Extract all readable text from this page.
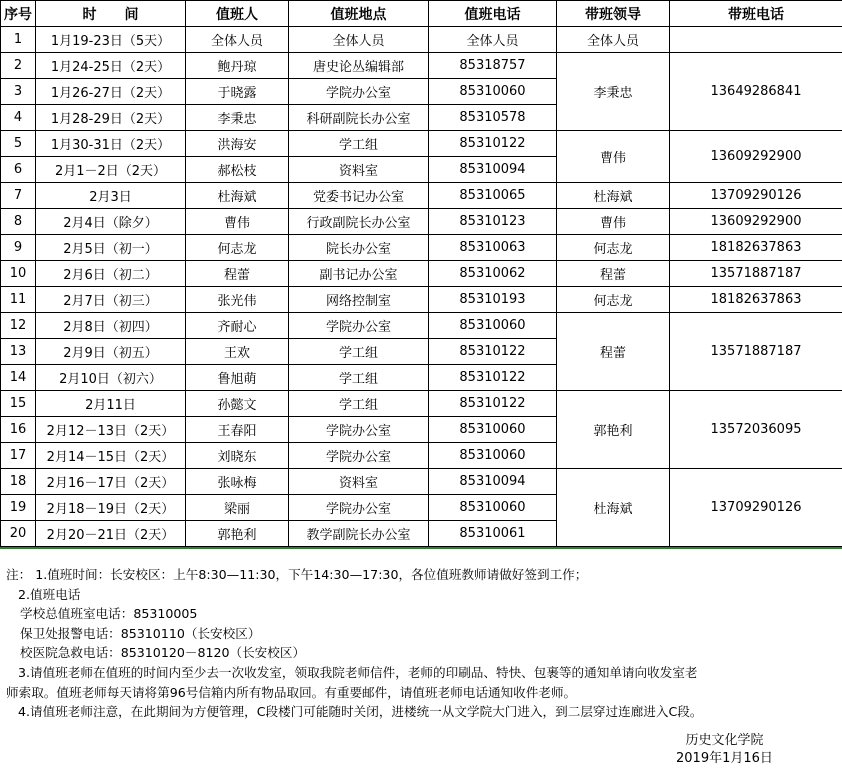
序号	时　　间	值班人	值班地点	值班电话	带班领导	带班电话
1	1月19-23日（5天）	全体人员	全体人员	全体人员	全体人员	
2	1月24-25日（2天）	鲍丹琼	唐史论丛编辑部	85318757	李秉忠	13649286841
3	1月26-27日（2天）	于晓露	学院办公室	85310060		
4	1月28-29日（2天）	李秉忠	科研副院长办公室	85310578		
5	1月30-31日（2天）	洪海安	学工组	85310122	曹伟	13609292900
6	2月1－2日（2天）	郝松枝	资料室	85310094		
7	2月3日	杜海斌	党委书记办公室	85310065	杜海斌	13709290126
8	2月4日（除夕）	曹伟	行政副院长办公室	85310123	曹伟	13609292900
9	2月5日（初一）	何志龙	院长办公室	85310063	何志龙	18182637863
10	2月6日（初二）	程蕾	副书记办公室	85310062	程蕾	13571887187
11	2月7日（初三）	张光伟	网络控制室	85310193	何志龙	18182637863
12	2月8日（初四）	齐耐心	学院办公室	85310060	程蕾	13571887187
13	2月9日（初五）	王欢	学工组	85310122		
14	2月10日（初六）	鲁旭萌	学工组	85310122		
15	2月11日	孙懿文	学工组	85310122	郭艳利	13572036095
16	2月12－13日（2天）	王春阳	学院办公室	85310060		
17	2月14－15日（2天）	刘晓东	学院办公室	85310060		
18	2月16－17日（2天）	张咏梅	资料室	85310094	杜海斌	13709290126
19	2月18－19日（2天）	梁丽	学院办公室	85310060		
20	2月20－21日（2天）	郭艳利	教学副院长办公室	85310061		
注： 1.值班时间：长安校区：上午8:30—11:30，下午14:30—17:30，各位值班教师请做好签到工作；
2.值班电话
学校总值班室电话：85310005
保卫处报警电话：85310110（长安校区）
校医院急救电话：85310120－8120（长安校区）
3.请值班老师在值班的时间内至少去一次收发室，领取我院老师信件，老师的印刷品、特快、包裹等的通知单请向收发室老
师索取。值班老师每天请将第96号信箱内所有物品取回。有重要邮件，请值班老师电话通知收件老师。
4.请值班老师注意，在此期间为方便管理，C段楼门可能随时关闭，进楼统一从文学院大门进入，到二层穿过连廊进入C段。
历史文化学院
2019年1月16日
